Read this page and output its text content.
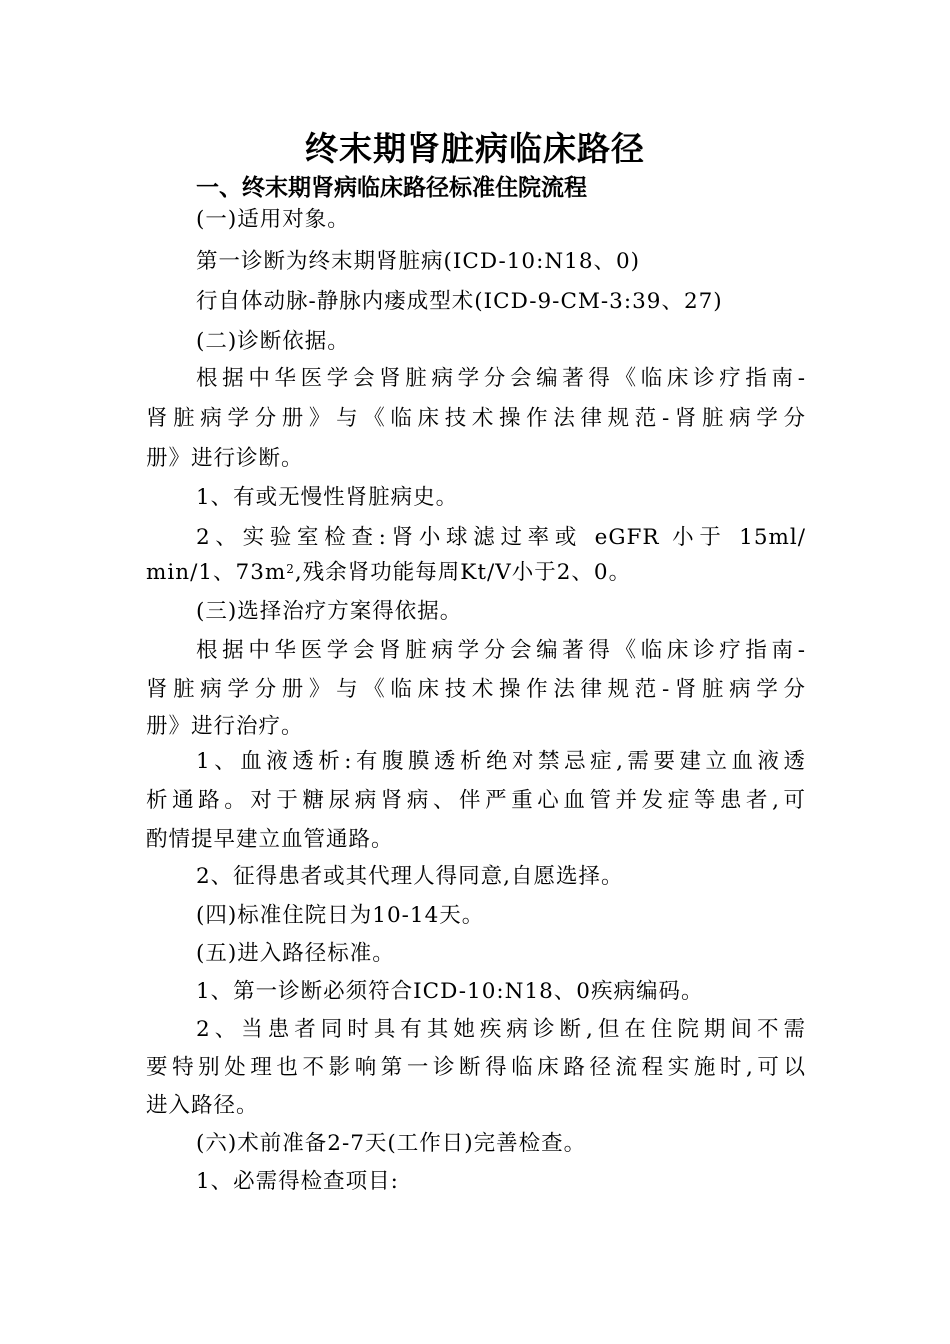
终末期肾脏病临床路径
一、终末期肾病临床路径标准住院流程
(一)适用对象。
第一诊断为终末期肾脏病(ICD-10:N18、0)
行自体动脉-静脉内瘘成型术(ICD-9-CM-3:39、27)
(二)诊断依据。
根据中华医学会肾脏病学分会编著得《临床诊疗指南-
肾脏病学分册》与《临床技术操作法律规范-肾脏病学分
册》进行诊断。
1、有或无慢性肾脏病史。
2、实验室检查:肾小球滤过率或 eGFR 小于 15ml/
min/1、$73m^2$,残余肾功能每周Kt/V小于2、0。
(三)选择治疗方案得依据。
根据中华医学会肾脏病学分会编著得《临床诊疗指南-
肾脏病学分册》与《临床技术操作法律规范-肾脏病学分
册》进行治疗。
1、血液透析:有腹膜透析绝对禁忌症,需要建立血液透
析通路。对于糖尿病肾病、伴严重心血管并发症等患者,可
酌情提早建立血管通路。
2、征得患者或其代理人得同意,自愿选择。
(四)标准住院日为10-14天。
(五)进入路径标准。
1、第一诊断必须符合ICD-10:N18、0疾病编码。
2、当患者同时具有其她疾病诊断,但在住院期间不需
要特别处理也不影响第一诊断得临床路径流程实施时,可以
进入路径。
(六)术前准备2-7天(工作日)完善检查。
1、必需得检查项目:
